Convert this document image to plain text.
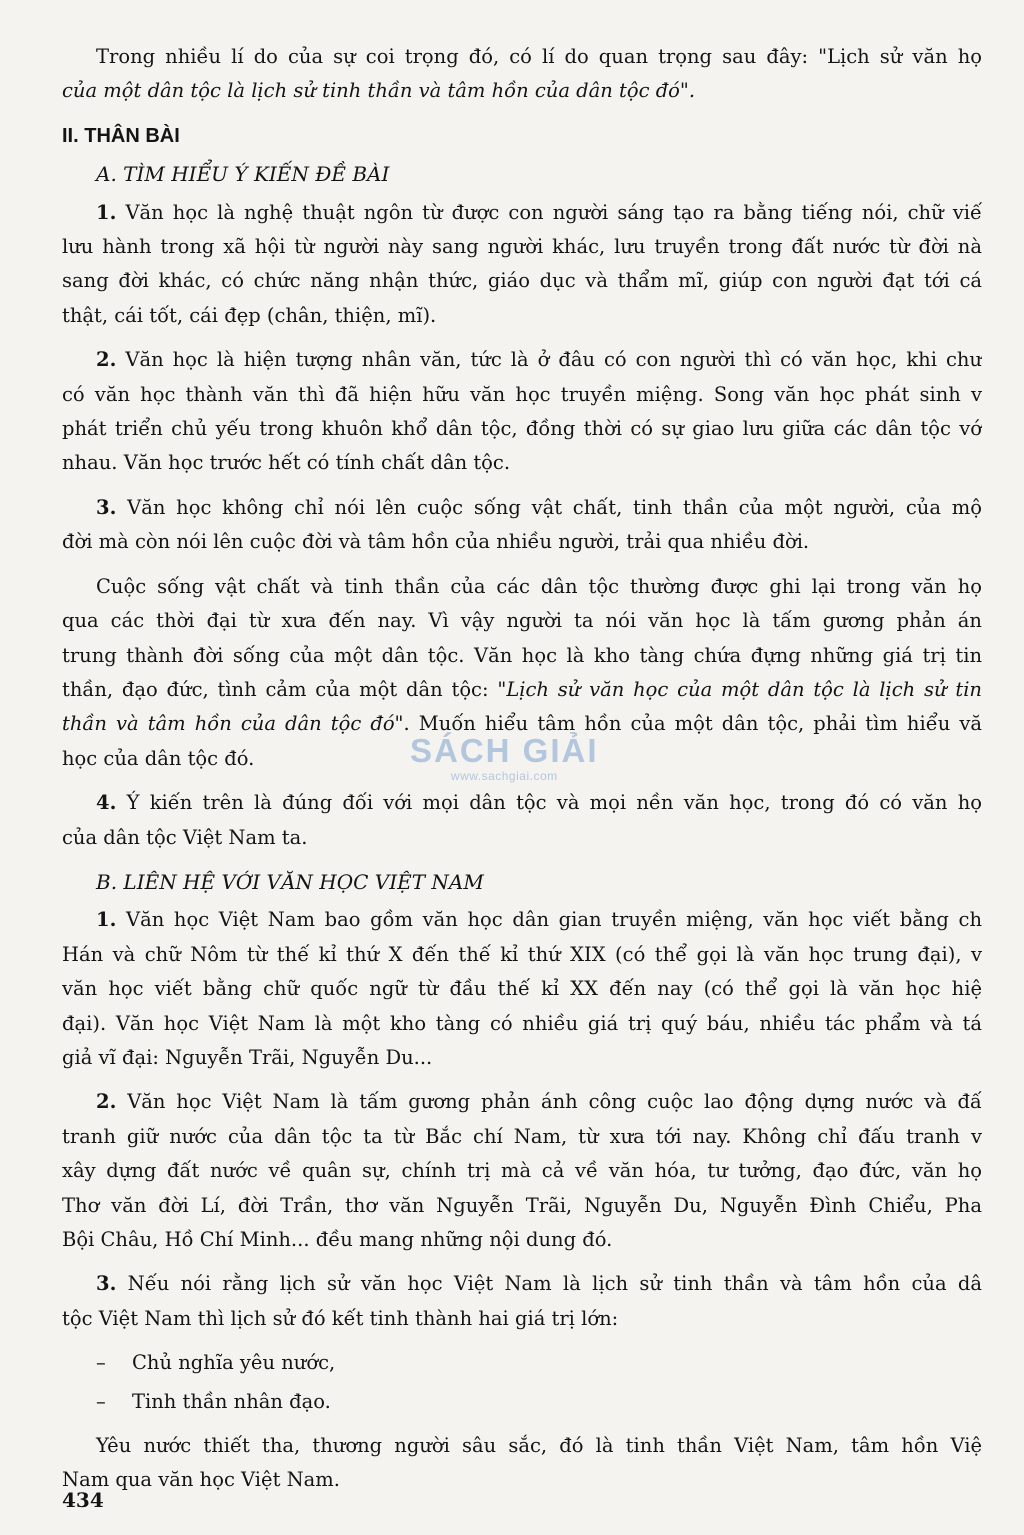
Trong nhiều lí do của sự coi trọng đó, có lí do quan trọng sau đây: "Lịch sử văn họ
của một dân tộc là lịch sử tinh thần và tâm hồn của dân tộc đó".
II. THÂN BÀI
A. TÌM HIỂU Ý KIẾN ĐỀ BÀI
1. Văn học là nghệ thuật ngôn từ được con người sáng tạo ra bằng tiếng nói, chữ viế
lưu hành trong xã hội từ người này sang người khác, lưu truyền trong đất nước từ đời nà
sang đời khác, có chức năng nhận thức, giáo dục và thẩm mĩ, giúp con người đạt tới cá
thật, cái tốt, cái đẹp (chân, thiện, mĩ).
2. Văn học là hiện tượng nhân văn, tức là ở đâu có con người thì có văn học, khi chư
có văn học thành văn thì đã hiện hữu văn học truyền miệng. Song văn học phát sinh v
phát triển chủ yếu trong khuôn khổ dân tộc, đồng thời có sự giao lưu giữa các dân tộc vớ
nhau. Văn học trước hết có tính chất dân tộc.
3. Văn học không chỉ nói lên cuộc sống vật chất, tinh thần của một người, của mộ
đời mà còn nói lên cuộc đời và tâm hồn của nhiều người, trải qua nhiều đời.
Cuộc sống vật chất và tinh thần của các dân tộc thường được ghi lại trong văn họ
qua các thời đại từ xưa đến nay. Vì vậy người ta nói văn học là tấm gương phản án
trung thành đời sống của một dân tộc. Văn học là kho tàng chứa đựng những giá trị tin
thần, đạo đức, tình cảm của một dân tộc: "Lịch sử văn học của một dân tộc là lịch sử tin
thần và tâm hồn của dân tộc đó". Muốn hiểu tâm hồn của một dân tộc, phải tìm hiểu vă
học của dân tộc đó.
4. Ý kiến trên là đúng đối với mọi dân tộc và mọi nền văn học, trong đó có văn họ
của dân tộc Việt Nam ta.
B. LIÊN HỆ VỚI VĂN HỌC VIỆT NAM
1. Văn học Việt Nam bao gồm văn học dân gian truyền miệng, văn học viết bằng ch
Hán và chữ Nôm từ thế kỉ thứ X đến thế kỉ thứ XIX (có thể gọi là văn học trung đại), v
văn học viết bằng chữ quốc ngữ từ đầu thế kỉ XX đến nay (có thể gọi là văn học hiệ
đại). Văn học Việt Nam là một kho tàng có nhiều giá trị quý báu, nhiều tác phẩm và tá
giả vĩ đại: Nguyễn Trãi, Nguyễn Du...
2. Văn học Việt Nam là tấm gương phản ánh công cuộc lao động dựng nước và đấ
tranh giữ nước của dân tộc ta từ Bắc chí Nam, từ xưa tới nay. Không chỉ đấu tranh v
xây dựng đất nước về quân sự, chính trị mà cả về văn hóa, tư tưởng, đạo đức, văn họ
Thơ văn đời Lí, đời Trần, thơ văn Nguyễn Trãi, Nguyễn Du, Nguyễn Đình Chiểu, Pha
Bội Châu, Hồ Chí Minh... đều mang những nội dung đó.
3. Nếu nói rằng lịch sử văn học Việt Nam là lịch sử tinh thần và tâm hồn của dâ
tộc Việt Nam thì lịch sử đó kết tinh thành hai giá trị lớn:
– Chủ nghĩa yêu nước,
– Tinh thần nhân đạo.
Yêu nước thiết tha, thương người sâu sắc, đó là tinh thần Việt Nam, tâm hồn Việ
Nam qua văn học Việt Nam.
SÁCH GIẢI
www.sachgiai.com
434
